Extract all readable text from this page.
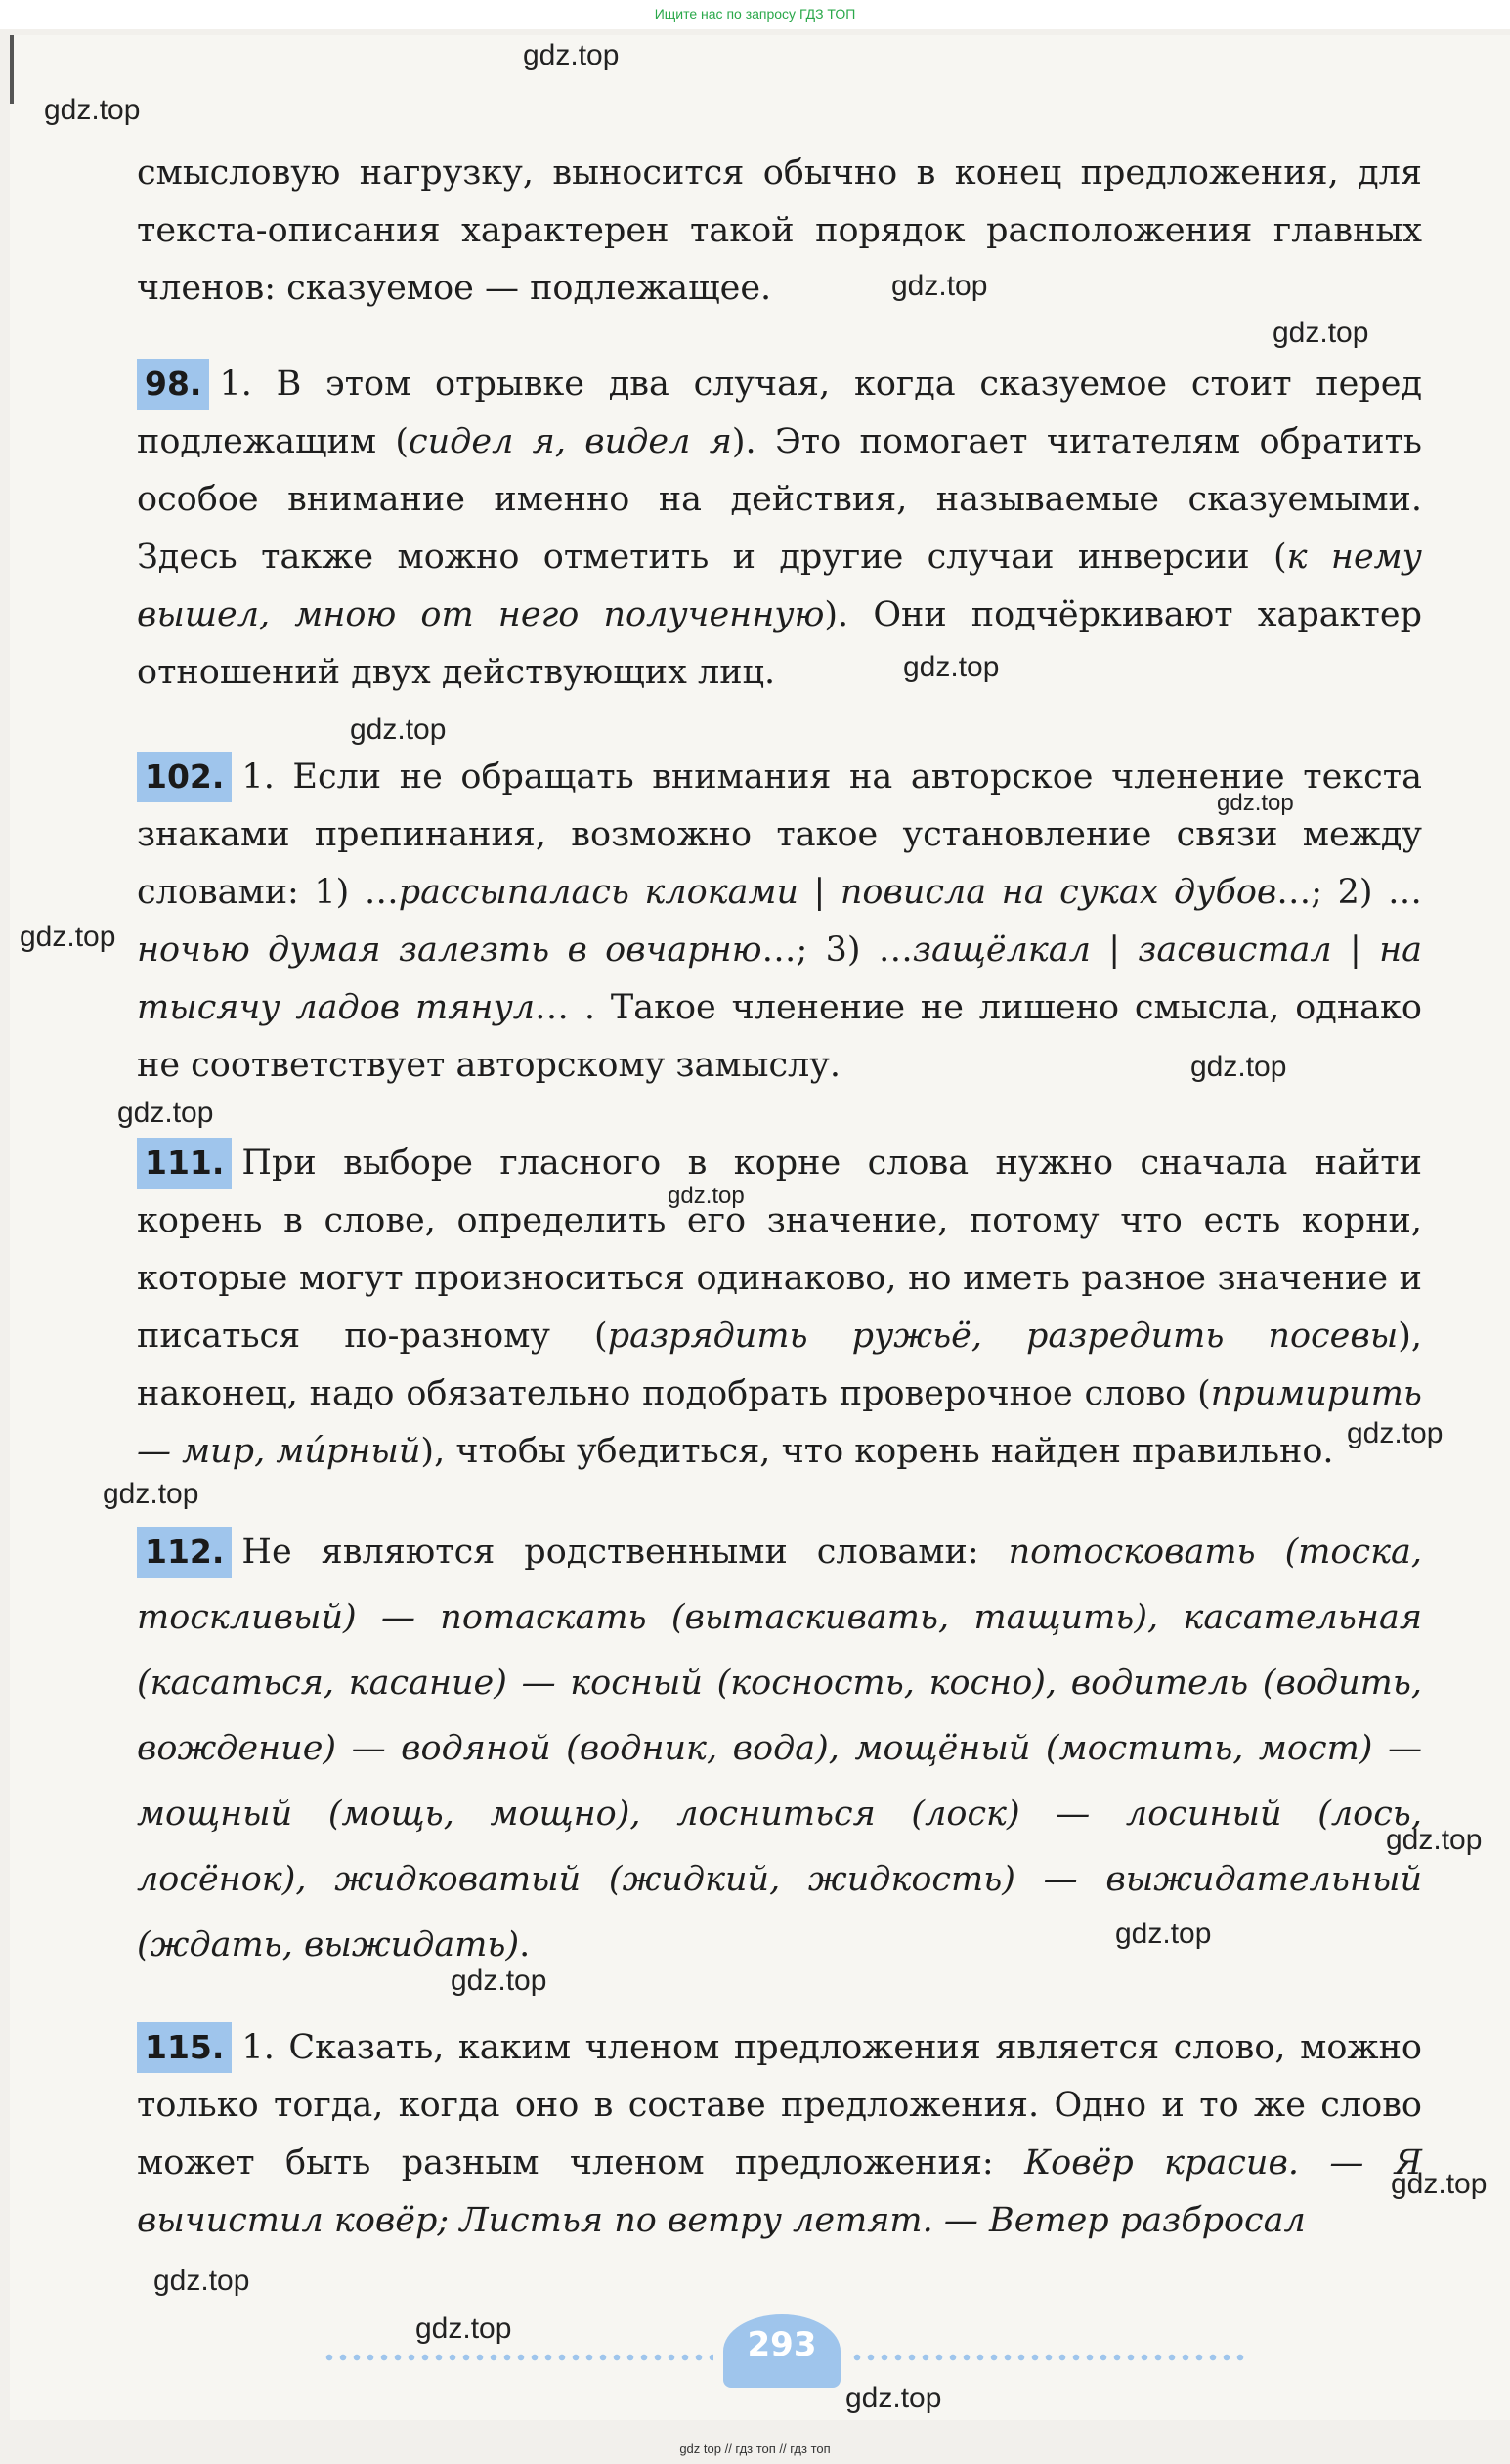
Ищите нас по запросу ГДЗ ТОП

смысловую нагрузку, выносится обычно в конец предложения, для текста-описания характерен такой порядок расположения главных членов: сказуемое — подлежащее.

98. 1. В этом отрывке два случая, когда сказуемое стоит перед подлежащим (сидел я, видел я). Это помогает читателям обратить особое внимание именно на действия, называемые сказуемыми. Здесь также можно отметить и другие случаи инверсии (к нему вышел, мною от него полученную). Они подчёркивают характер отношений двух действующих лиц.

102. 1. Если не обращать внимания на авторское членение текста знаками препинания, возможно такое установление связи между словами: 1) …рассыпалась клоками | повисла на суках дубов…; 2) …ночью думая залезть в овчарню…; 3) …защёлкал | засвистал | на тысячу ладов тянул… . Такое членение не лишено смысла, однако не соответствует авторскому замыслу.

111. При выборе гласного в корне слова нужно сначала найти корень в слове, определить его значение, потому что есть корни, которые могут произноситься одинаково, но иметь разное значение и писаться по-разному (разрядить ружьё, разредить посевы), наконец, надо обязательно подобрать проверочное слово (примирить — мир, ми́рный), чтобы убедиться, что корень найден правильно.

112. Не являются родственными словами: потосковать (тоска, тоскливый) — потаскать (вытаскивать, тащить), касательная (касаться, касание) — косный (косность, косно), водитель (водить, вождение) — водяной (водник, вода), мощёный (мостить, мост) — мощный (мощь, мощно), лосниться (лоск) — лосиный (лось, лосёнок), жидковатый (жидкий, жидкость) — выжидательный (ждать, выжидать).

115. 1. Сказать, каким членом предложения является слово, можно только тогда, когда оно в составе предложения. Одно и то же слово может быть разным членом предложения: Ковёр красив. — Я вычистил ковёр; Листья по ветру летят. — Ветер разбросал

gdz.top
gdz.top
gdz.top
gdz.top
gdz.top
gdz.top
gdz.top
gdz.top
gdz.top
gdz.top
gdz.top
gdz.top
gdz.top
gdz.top
gdz.top
gdz.top
gdz.top
gdz.top
gdz.top
gdz.top
293
gdz top // гдз топ // гдз топ
